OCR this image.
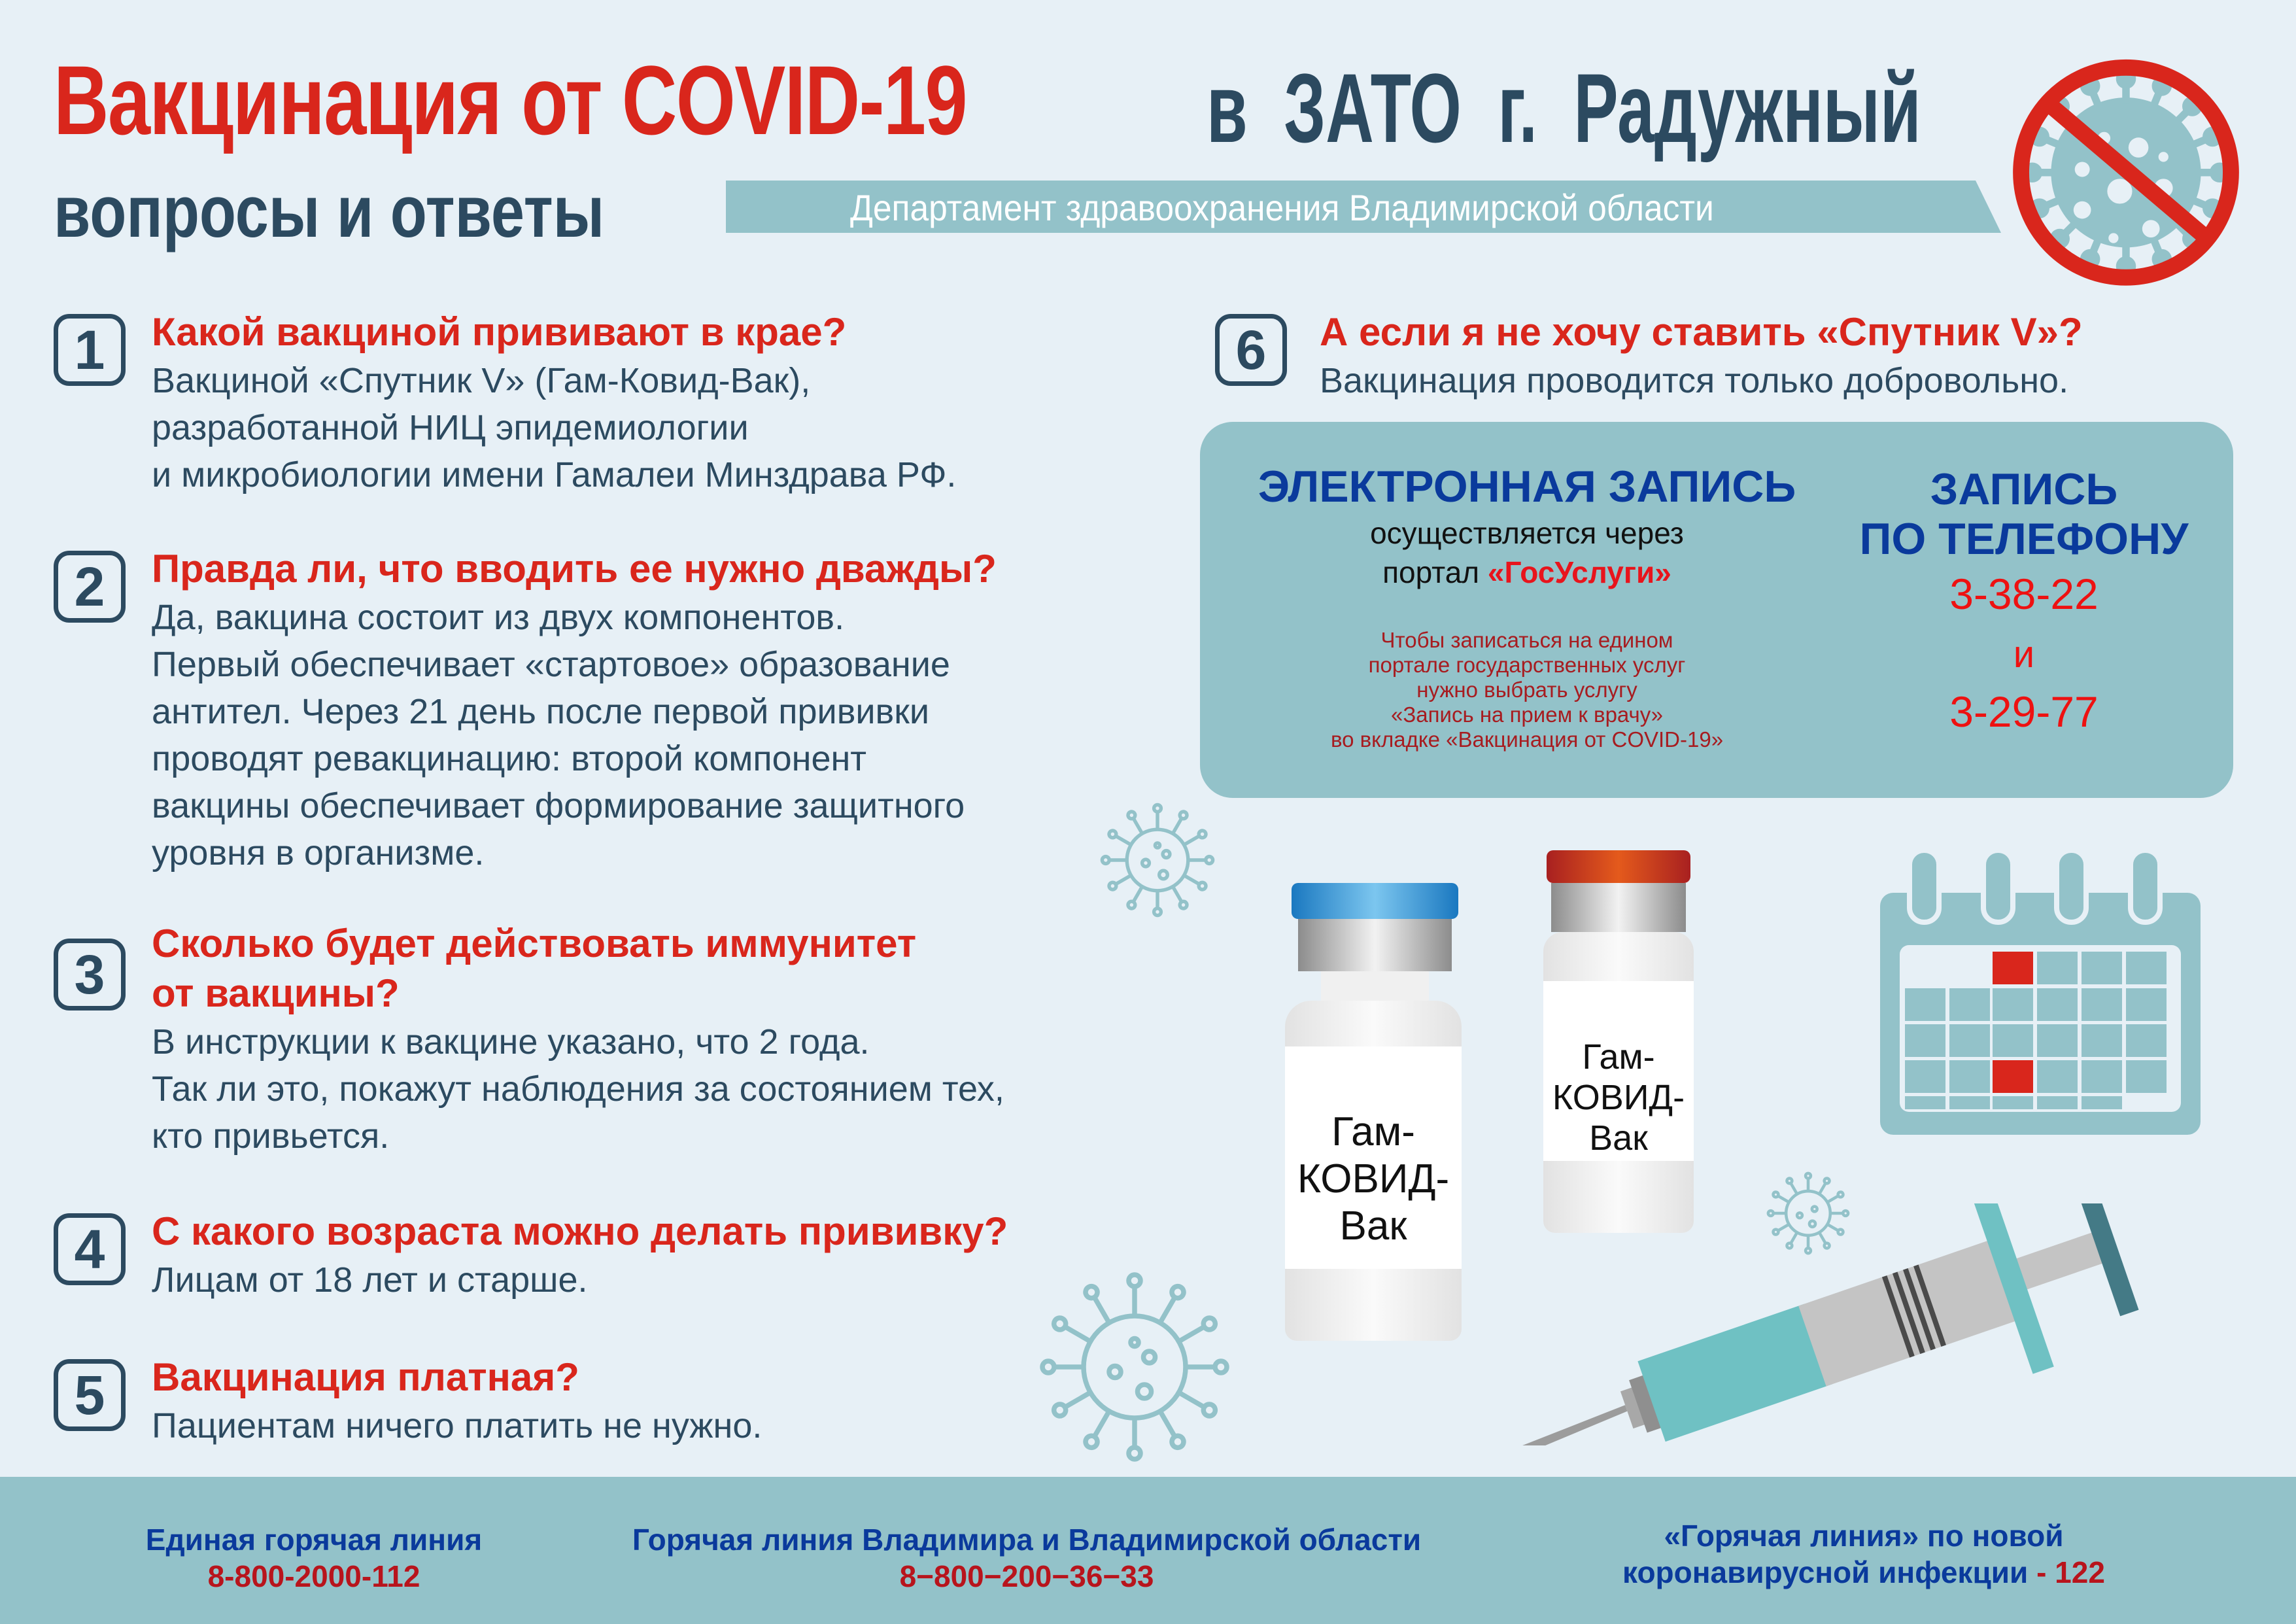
Вакцинация от COVID-19 в ЗАТО г. Радужный
вопросы и ответы	Департамент здравоохранения Владимирской области
1	Какой вакциной прививают в крае?
Вакциной «Спутник V» (Гам-Ковид-Вак),
разработанной НИЦ эпидемиологии
и микробиологии имени Гамалеи Минздрава РФ.
2	Правда ли, что вводить ее нужно дважды?
Да, вакцина состоит из двух компонентов.
Первый обеспечивает «стартовое» образование
антител. Через 21 день после первой прививки
проводят ревакцинацию: второй компонент
вакцины обеспечивает формирование защитного
уровня в организме.
3	Сколько будет действовать иммунитет
от вакцины?
В инструкции к вакцине указано, что 2 года.
Так ли это, покажут наблюдения за состоянием тех,
кто привьется.
4	С какого возраста можно делать прививку?
Лицам от 18 лет и старше.
5	Вакцинация платная?
Пациентам ничего платить не нужно.
6	А если я не хочу ставить «Спутник V»?
Вакцинация проводится только добровольно.
ЭЛЕКТРОННАЯ ЗАПИСЬ
осуществляется через
портал «ГосУслуги»
Чтобы записаться на едином
портале государственных услуг
нужно выбрать услугу
«Запись на прием к врачу»
во вкладке «Вакцинация от COVID-19»
ЗАПИСЬ
ПО ТЕЛЕФОНУ
3-38-22
и
3-29-77
Гам-
КОВИД-
Вак
Гам-
КОВИД-
Вак
Единая горячая линия
8-800-2000-112
Горячая линия Владимира и Владимирской области
8−800−200−36−33
«Горячая линия» по новой
коронавирусной инфекции - 122
